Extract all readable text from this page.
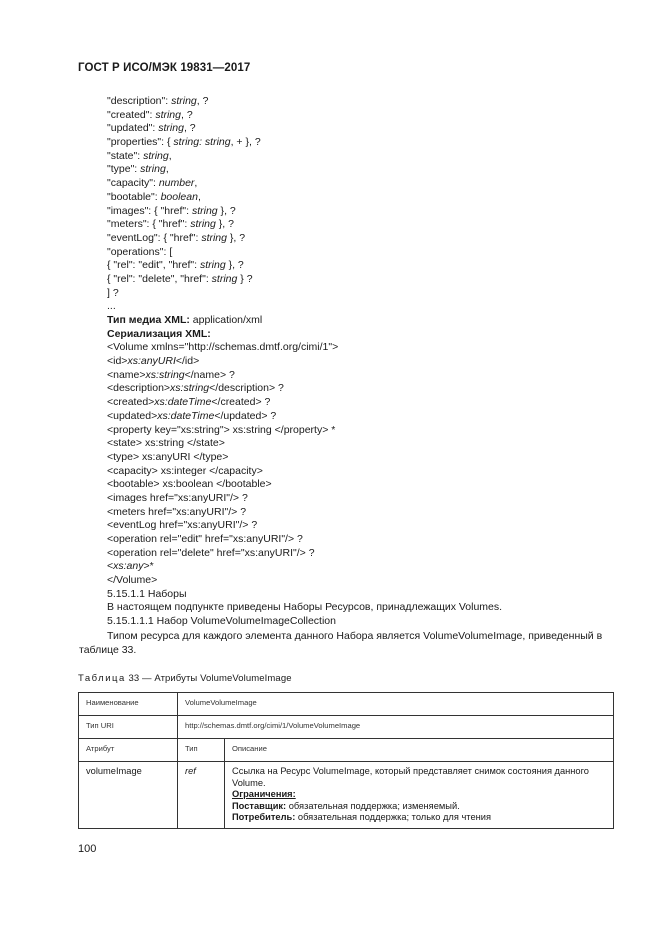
ГОСТ Р ИСО/МЭК 19831—2017
"description": string, ?
"created": string, ?
"updated": string, ?
"properties": { string: string, + }, ?
"state": string,
"type": string,
"capacity": number,
"bootable": boolean,
"images": { "href": string }, ?
"meters": { "href": string }, ?
"eventLog": { "href": string }, ?
"operations": [
{ "rel": "edit", "href": string }, ?
{ "rel": "delete", "href": string } ?
] ?
...
Тип медиа XML: application/xml
Сериализация XML:
<Volume xmlns="http://schemas.dmtf.org/cimi/1">
<id>xs:anyURI</id>
<name>xs:string</name> ?
<description>xs:string</description> ?
<created>xs:dateTime</created> ?
<updated>xs:dateTime</updated> ?
<property key="xs:string"> xs:string </property> *
<state> xs:string </state>
<type> xs:anyURI </type>
<capacity> xs:integer </capacity>
<bootable> xs:boolean </bootable>
<images href="xs:anyURI"/> ?
<meters href="xs:anyURI"/> ?
<eventLog href="xs:anyURI"/> ?
<operation rel="edit" href="xs:anyURI"/> ?
<operation rel="delete" href="xs:anyURI"/> ?
<xs:any>*
</Volume>
5.15.1.1 Наборы
В настоящем подпункте приведены Наборы Ресурсов, принадлежащих Volumes.
5.15.1.1.1 Набор VolumeVolumeImageCollection
Типом ресурса для каждого элемента данного Набора является VolumeVolumeImage, приведенный в таблице 33.
Таблица 33 — Атрибуты VolumeVolumeImage
Наименование	VolumeVolumeImage	
Тип URI	http://schemas.dmtf.org/cimi/1/VolumeVolumeImage	
Атрибут	Тип	Описание
volumeImage	ref	Ссылка на Ресурс VolumeImage, который представляет снимок состояния данного Volume.
Ограничения:
Поставщик: обязательная поддержка; изменяемый.
Потребитель: обязательная поддержка; только для чтения
100
